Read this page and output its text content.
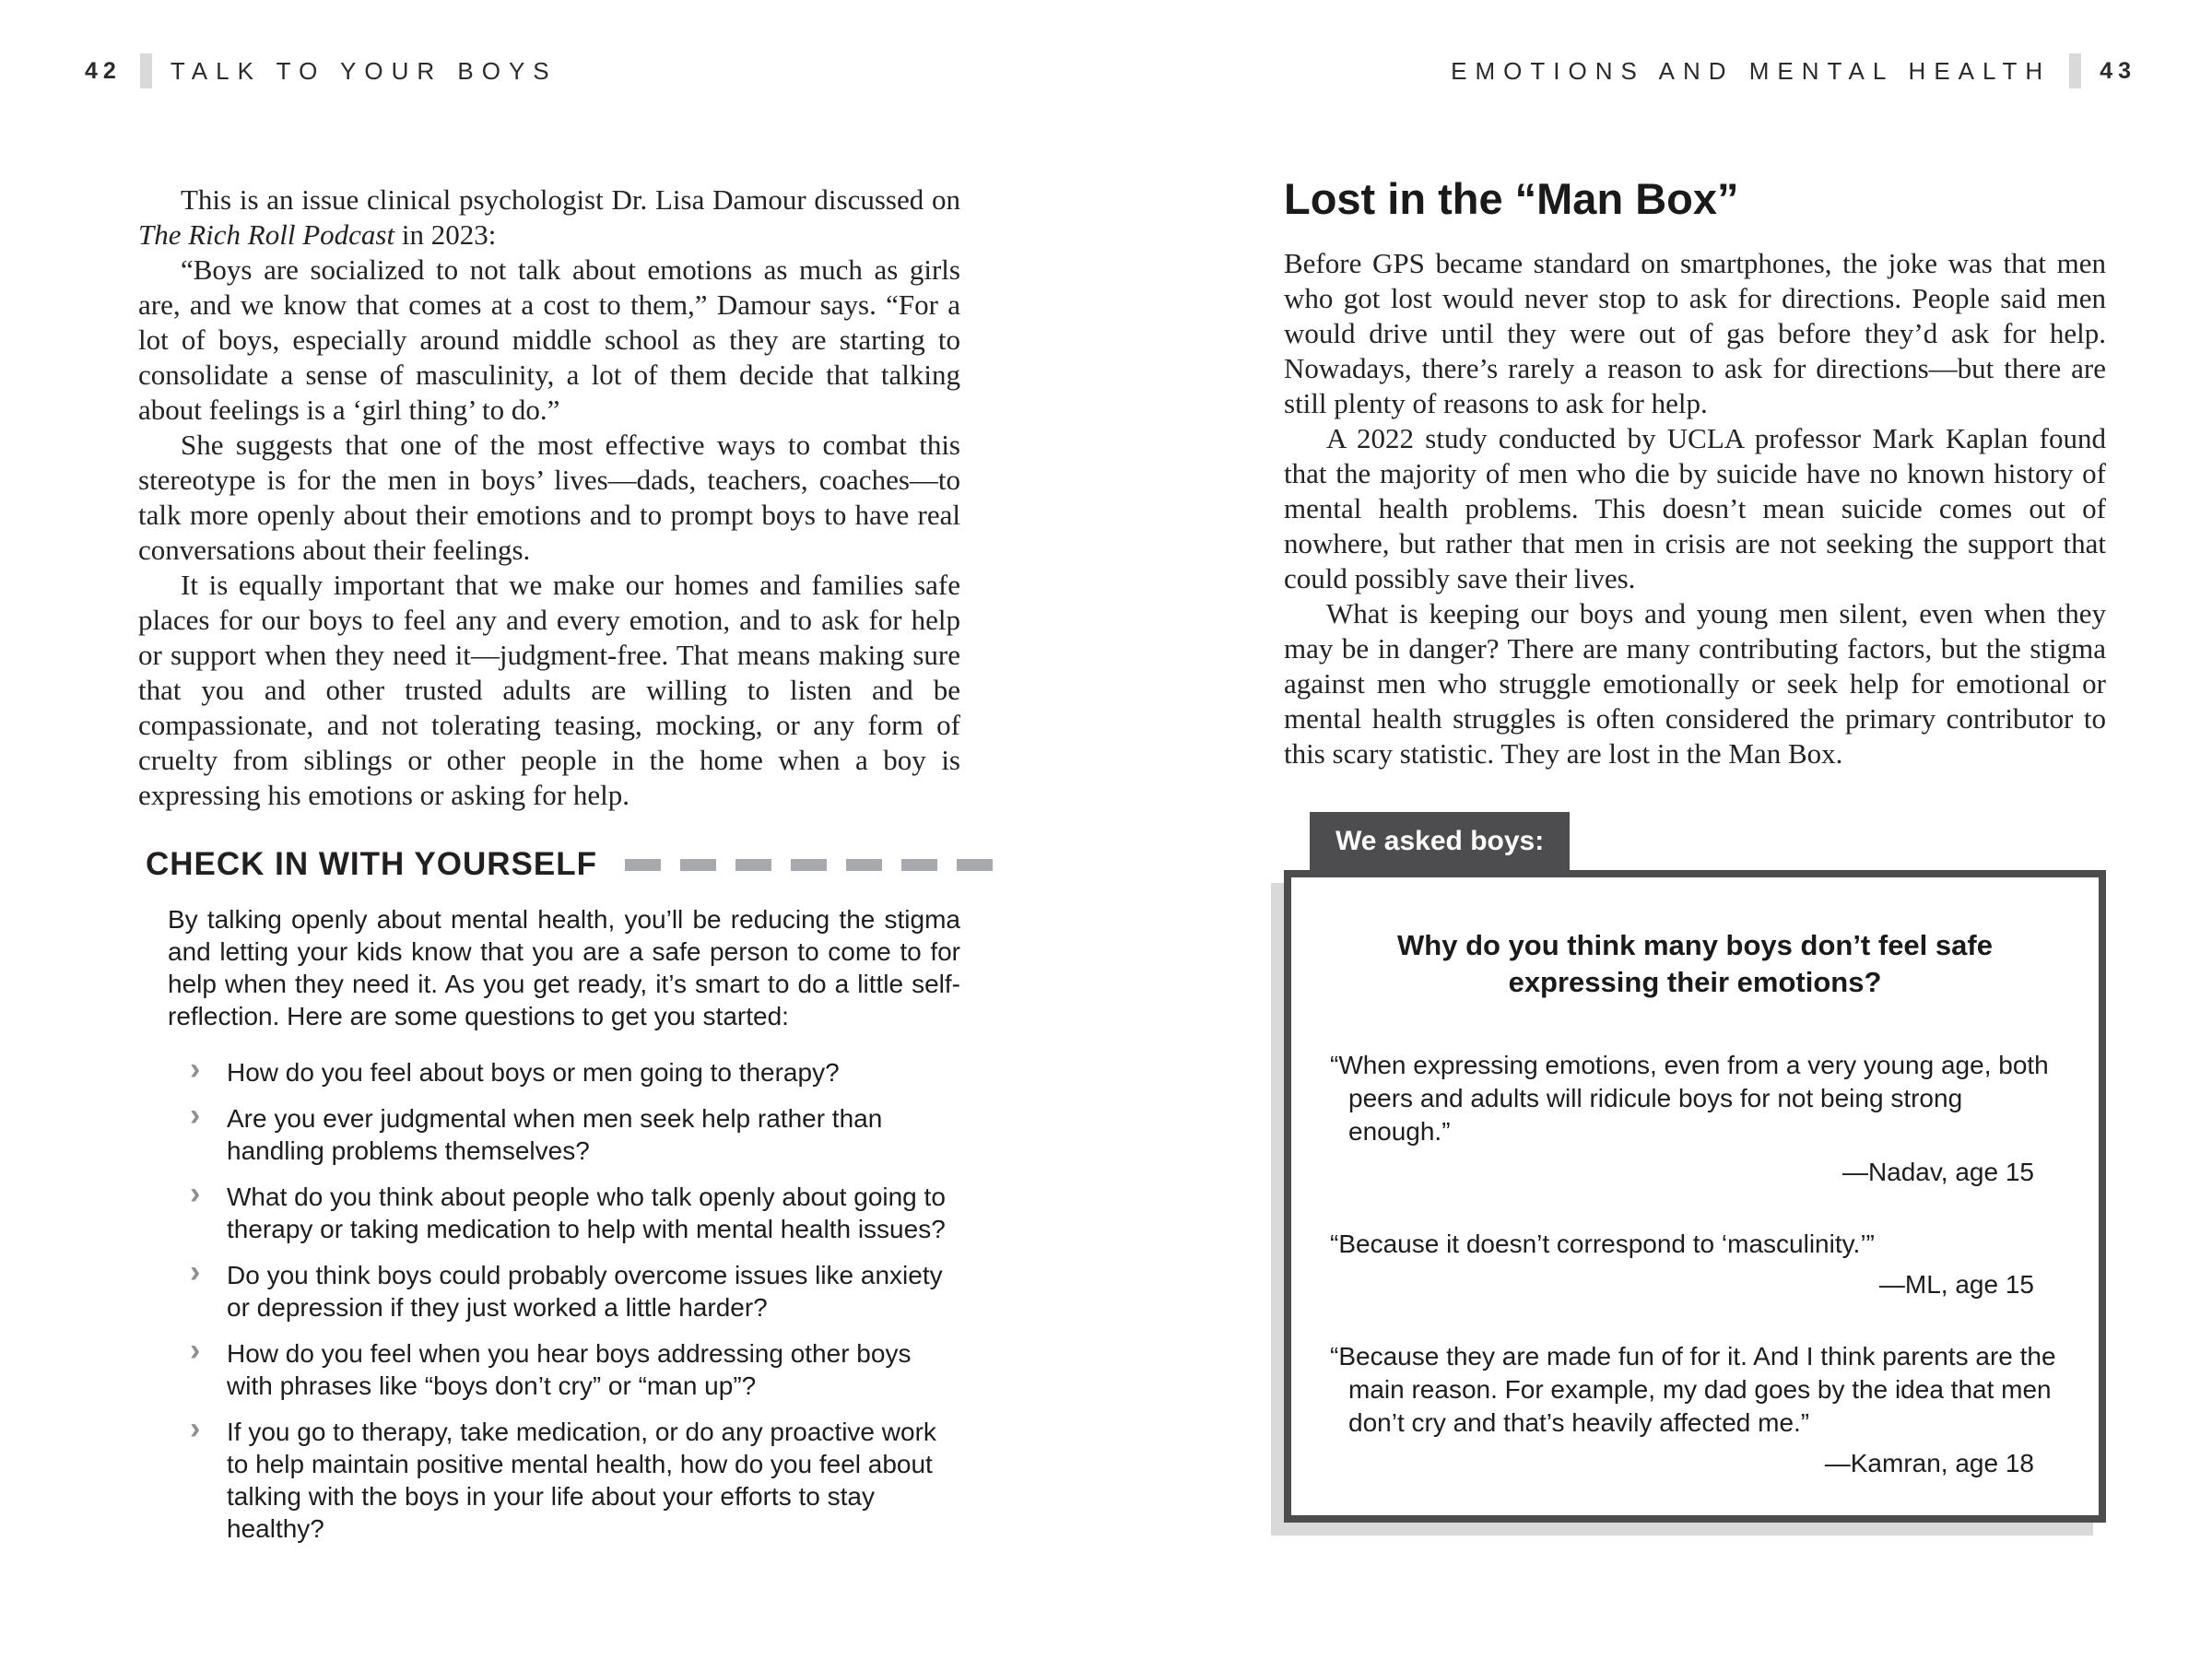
42 TALK TO YOUR BOYS	EMOTIONS AND MENTAL HEALTH 43

This is an issue clinical psychologist Dr. Lisa Damour discussed on The Rich Roll Podcast in 2023:

“Boys are socialized to not talk about emotions as much as girls are, and we know that comes at a cost to them,” Damour says. “For a lot of boys, especially around middle school as they are starting to consolidate a sense of masculinity, a lot of them decide that talking about feelings is a ‘girl thing’ to do.”

She suggests that one of the most effective ways to combat this stereotype is for the men in boys’ lives—dads, teachers, coaches—to talk more openly about their emotions and to prompt boys to have real conversations about their feelings.

It is equally important that we make our homes and families safe places for our boys to feel any and every emotion, and to ask for help or support when they need it—judgment-free. That means making sure that you and other trusted adults are willing to listen and be compassionate, and not tolerating teasing, mocking, or any form of cruelty from siblings or other people in the home when a boy is expressing his emotions or asking for help.

CHECK IN WITH YOURSELF

By talking openly about mental health, you’ll be reducing the stigma and letting your kids know that you are a safe person to come to for help when they need it. As you get ready, it’s smart to do a little self-reflection. Here are some questions to get you started:

› How do you feel about boys or men going to therapy?
› Are you ever judgmental when men seek help rather than handling problems themselves?
› What do you think about people who talk openly about going to therapy or taking medication to help with mental health issues?
› Do you think boys could probably overcome issues like anxiety or depression if they just worked a little harder?
› How do you feel when you hear boys addressing other boys with phrases like “boys don’t cry” or “man up”?
› If you go to therapy, take medication, or do any proactive work to help maintain positive mental health, how do you feel about talking with the boys in your life about your efforts to stay healthy?
Lost in the “Man Box”

Before GPS became standard on smartphones, the joke was that men who got lost would never stop to ask for directions. People said men would drive until they were out of gas before they’d ask for help. Nowadays, there’s rarely a reason to ask for directions—but there are still plenty of reasons to ask for help.

A 2022 study conducted by UCLA professor Mark Kaplan found that the majority of men who die by suicide have no known history of mental health problems. This doesn’t mean suicide comes out of nowhere, but rather that men in crisis are not seeking the support that could possibly save their lives.

What is keeping our boys and young men silent, even when they may be in danger? There are many contributing factors, but the stigma against men who struggle emotionally or seek help for emotional or mental health struggles is often considered the primary contributor to this scary statistic. They are lost in the Man Box.

We asked boys:

Why do you think many boys don’t feel safe expressing their emotions?

“When expressing emotions, even from a very young age, both peers and adults will ridicule boys for not being strong enough.”

—Nadav, age 15

“Because it doesn’t correspond to ‘masculinity.’”

—ML, age 15

“Because they are made fun of for it. And I think parents are the main reason. For example, my dad goes by the idea that men don’t cry and that’s heavily affected me.”

—Kamran, age 18
